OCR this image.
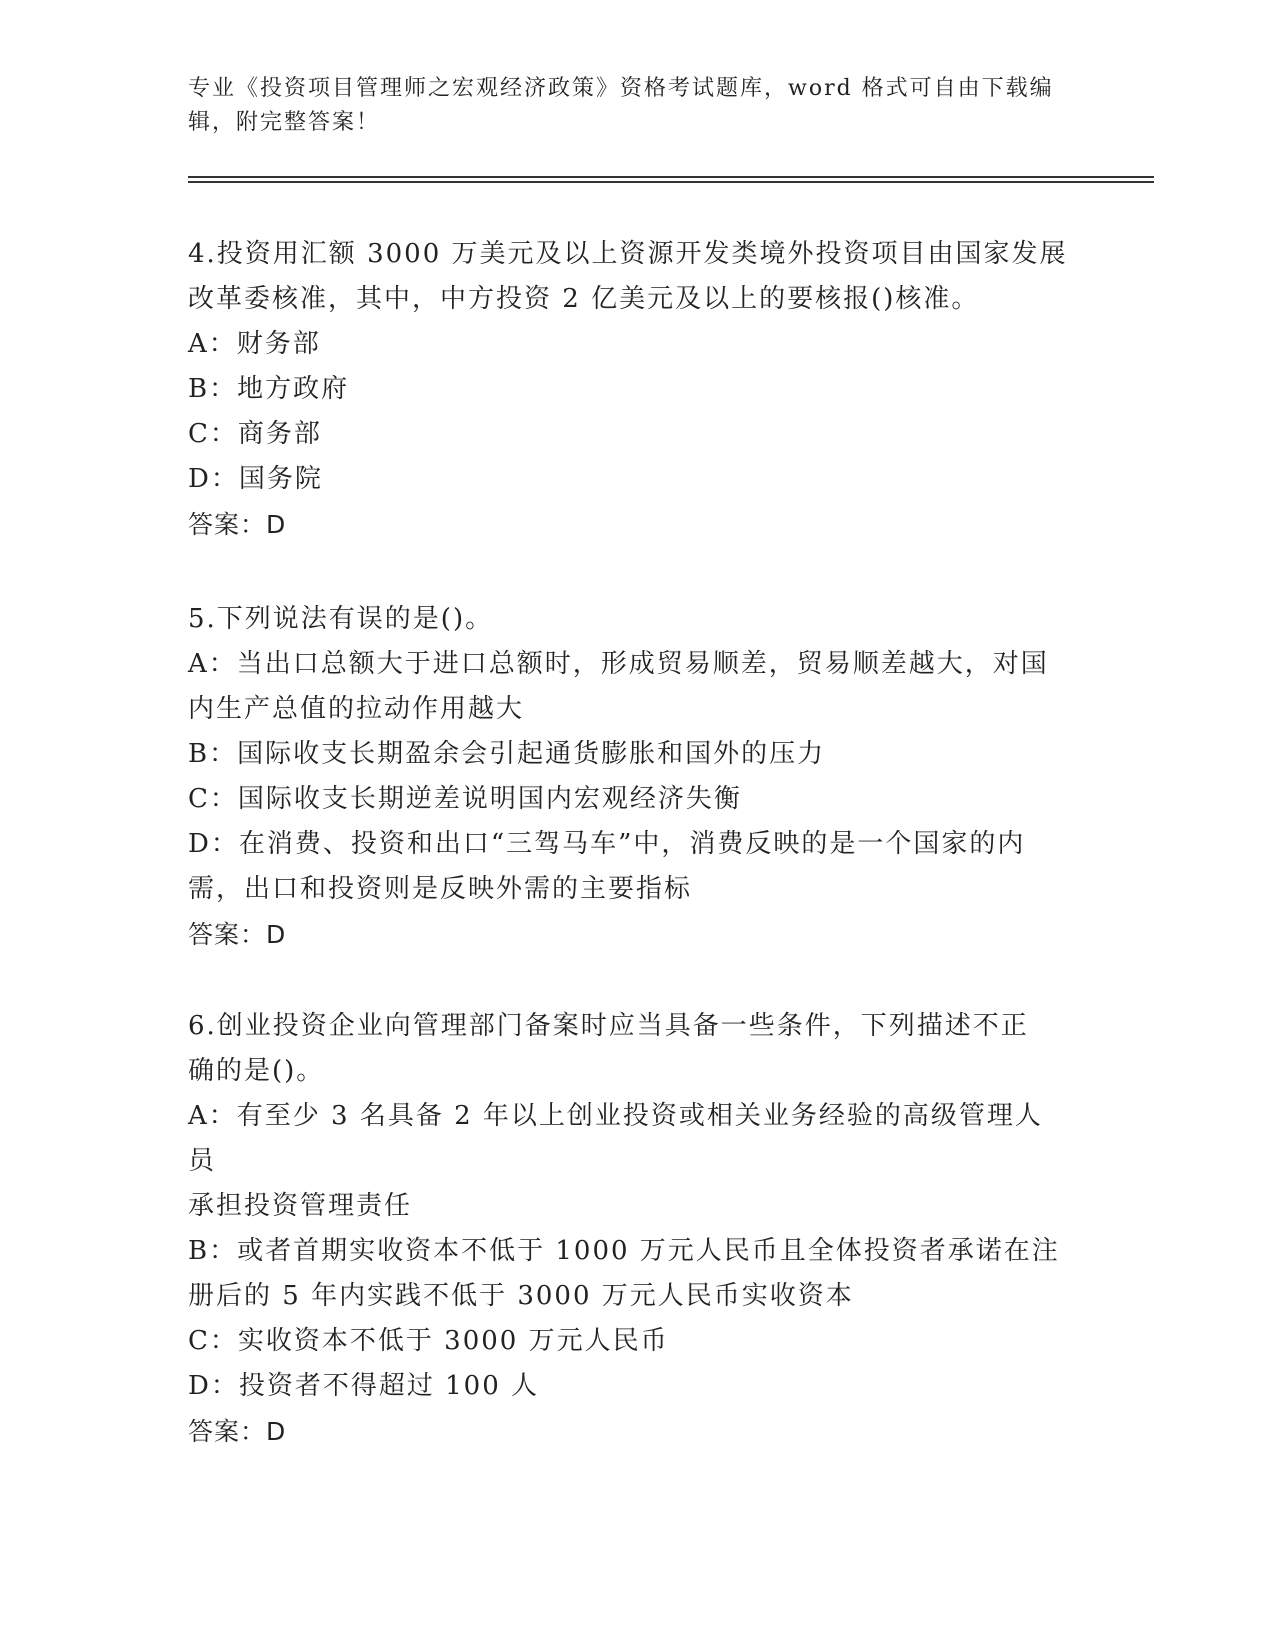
专业《投资项目管理师之宏观经济政策》资格考试题库，word 格式可自由下载编
辑，附完整答案！
4.投资用汇额 3000 万美元及以上资源开发类境外投资项目由国家发展
改革委核准，其中，中方投资 2 亿美元及以上的要核报()核准。
A：财务部
B：地方政府
C：商务部
D：国务院
答案：D
5.下列说法有误的是()。
A：当出口总额大于进口总额时，形成贸易顺差，贸易顺差越大，对国
内生产总值的拉动作用越大
B：国际收支长期盈余会引起通货膨胀和国外的压力
C：国际收支长期逆差说明国内宏观经济失衡
D：在消费、投资和出口“三驾马车”中，消费反映的是一个国家的内
需，出口和投资则是反映外需的主要指标
答案：D
6.创业投资企业向管理部门备案时应当具备一些条件，下列描述不正
确的是()。
A：有至少 3 名具备 2 年以上创业投资或相关业务经验的高级管理人员
承担投资管理责任
B：或者首期实收资本不低于 1000 万元人民币且全体投资者承诺在注
册后的 5 年内实践不低于 3000 万元人民币实收资本
C：实收资本不低于 3000 万元人民币
D：投资者不得超过 100 人
答案：D
